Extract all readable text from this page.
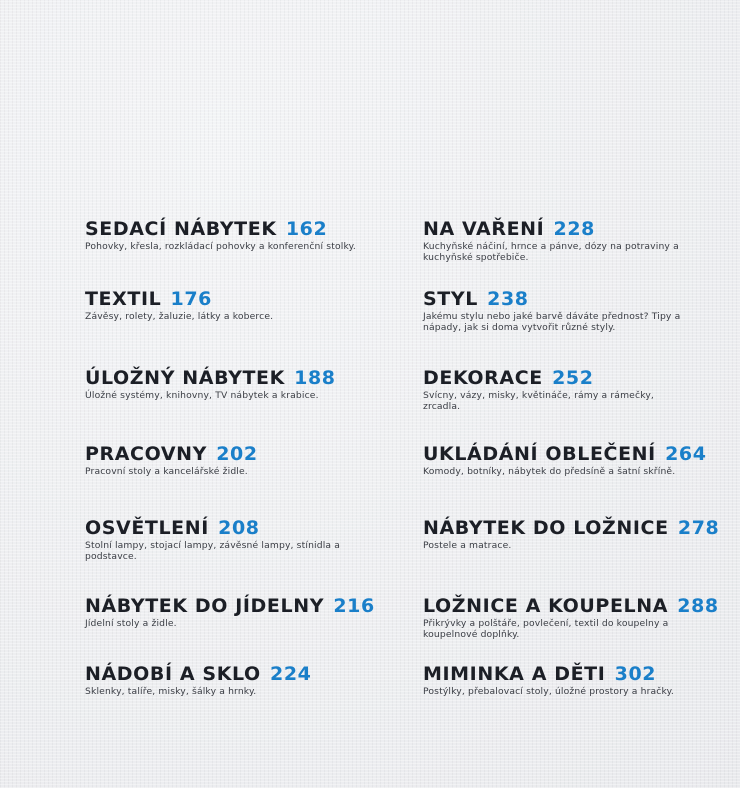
SEDACÍ NÁBYTEK 162

Pohovky, křesla, rozkládací pohovky a konferenční stolky.

TEXTIL 176

Závěsy, rolety, žaluzie, látky a koberce.

ÚLOŽNÝ NÁBYTEK 188

Úložné systémy, knihovny, TV nábytek a krabice.

PRACOVNY 202

Pracovní stoly a kancelářské židle.

OSVĚTLENÍ 208

Stolní lampy, stojací lampy, závěsné lampy, stínidla a podstavce.

NÁBYTEK DO JÍDELNY 216

Jídelní stoly a židle.

NÁDOBÍ A SKLO 224

Sklenky, talíře, misky, šálky a hrnky.

NA VAŘENÍ 228

Kuchyňské náčiní, hrnce a pánve, dózy na potraviny a kuchyňské spotřebiče.

STYL 238

Jakému stylu nebo jaké barvě dáváte přednost? Tipy a nápady, jak si doma vytvořit různé styly.

DEKORACE 252

Svícny, vázy, misky, květináče, rámy a rámečky, zrcadla.

UKLÁDÁNÍ OBLEČENÍ 264

Komody, botníky, nábytek do předsíně a šatní skříně.

NÁBYTEK DO LOŽNICE 278

Postele a matrace.

LOŽNICE A KOUPELNA 288

Přikrývky a polštáře, povlečení, textil do koupelny a koupelnové doplňky.

MIMINKA A DĚTI 302

Postýlky, přebalovací stoly, úložné prostory a hračky.
